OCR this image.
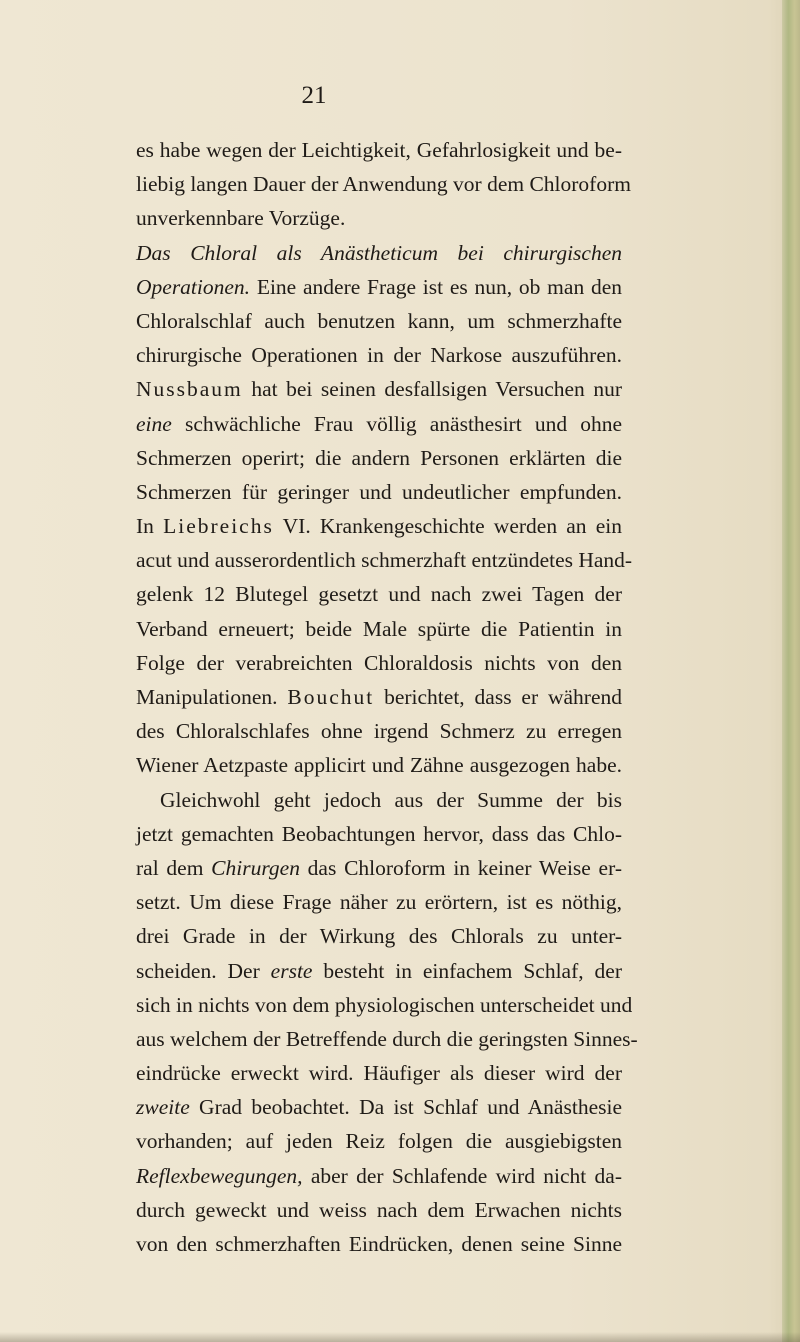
21
es habe wegen der Leichtigkeit, Gefahrlosigkeit und be-
liebig langen Dauer der Anwendung vor dem Chloroform
unverkennbare Vorzüge.
Das Chloral als Anästheticum bei chirurgischen
Operationen. Eine andere Frage ist es nun, ob man den
Chloralschlaf auch benutzen kann, um schmerzhafte
chirurgische Operationen in der Narkose auszuführen.
Nussbaum hat bei seinen desfallsigen Versuchen nur
eine schwächliche Frau völlig anästhesirt und ohne
Schmerzen operirt; die andern Personen erklärten die
Schmerzen für geringer und undeutlicher empfunden.
In Liebreichs VI. Krankengeschichte werden an ein
acut und ausserordentlich schmerzhaft entzündetes Hand-
gelenk 12 Blutegel gesetzt und nach zwei Tagen der
Verband erneuert; beide Male spürte die Patientin in
Folge der verabreichten Chloraldosis nichts von den
Manipulationen. Bouchut berichtet, dass er während
des Chloralschlafes ohne irgend Schmerz zu erregen
Wiener Aetzpaste applicirt und Zähne ausgezogen habe.
Gleichwohl geht jedoch aus der Summe der bis
jetzt gemachten Beobachtungen hervor, dass das Chlo-
ral dem Chirurgen das Chloroform in keiner Weise er-
setzt. Um diese Frage näher zu erörtern, ist es nöthig,
drei Grade in der Wirkung des Chlorals zu unter-
scheiden. Der erste besteht in einfachem Schlaf, der
sich in nichts von dem physiologischen unterscheidet und
aus welchem der Betreffende durch die geringsten Sinnes-
eindrücke erweckt wird. Häufiger als dieser wird der
zweite Grad beobachtet. Da ist Schlaf und Anästhesie
vorhanden; auf jeden Reiz folgen die ausgiebigsten
Reflexbewegungen, aber der Schlafende wird nicht da-
durch geweckt und weiss nach dem Erwachen nichts
von den schmerzhaften Eindrücken, denen seine Sinne
